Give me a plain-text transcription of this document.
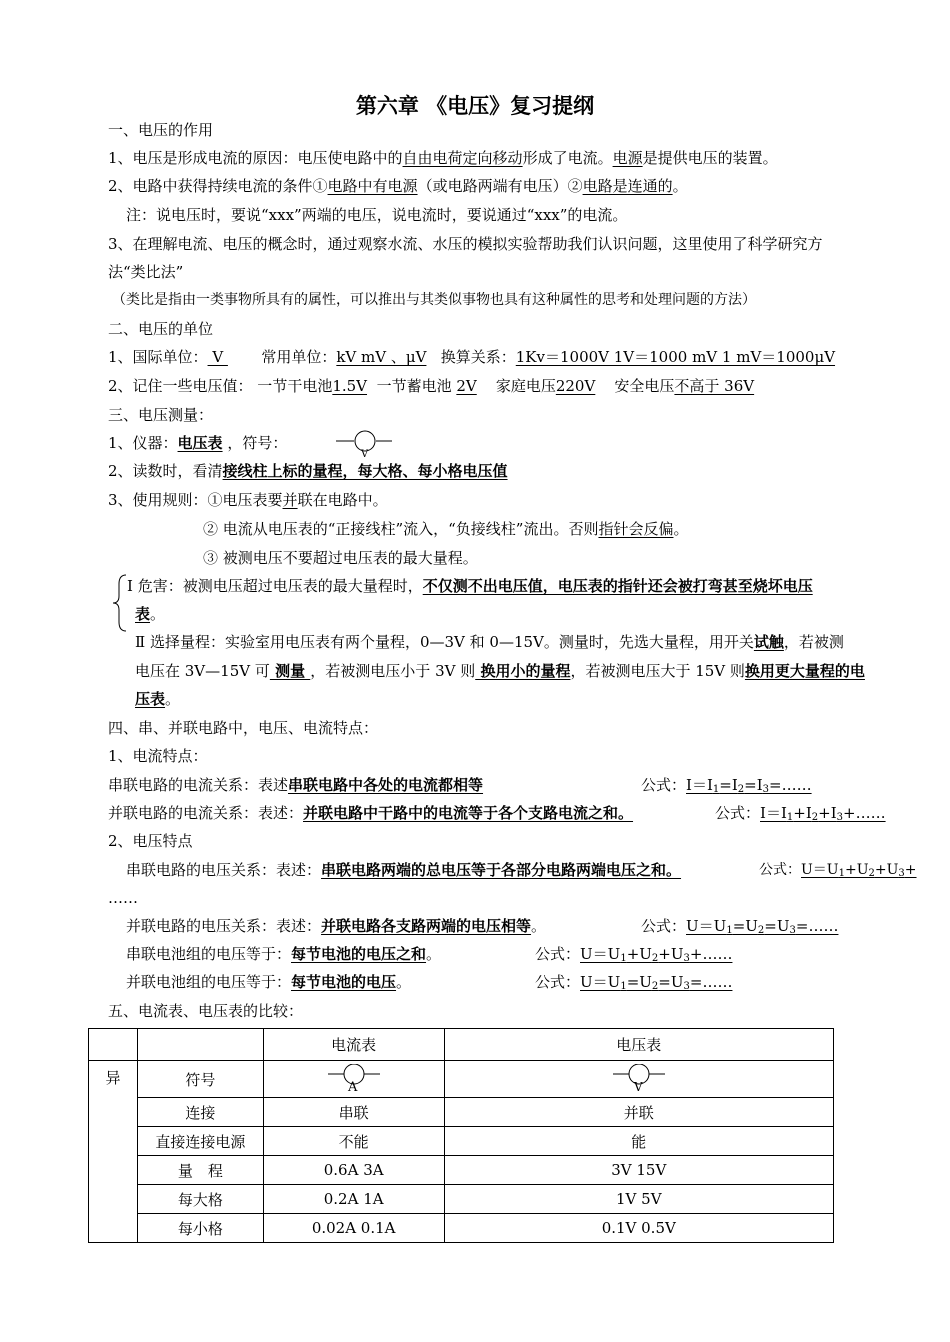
第六章 《电压》复习提纲
一、电压的作用
1、电压是形成电流的原因：电压使电路中的自由电荷定向移动形成了电流。电源是提供电压的装置。
2、电路中获得持续电流的条件①电路中有电源（或电路两端有电压）②电路是连通的。
注：说电压时，要说“xxx”两端的电压，说电流时，要说通过“xxx”的电流。
3、在理解电流、电压的概念时，通过观察水流、水压的模拟实验帮助我们认识问题，这里使用了科学研究方
法“类比法”
（类比是指由一类事物所具有的属性，可以推出与其类似事物也具有这种属性的思考和处理问题的方法）
二、电压的单位
1、国际单位： V        常用单位：kV mV 、μV 换算关系：1Kv＝1000V 1V＝1000 mV 1 mV＝1000μV
2、记住一些电压值： 一节干电池1.5V 一节蓄电池 2V 家庭电压220V 安全电压不高于 36V
三、电压测量：
1、仪器：电压表 ，符号：
V
2、读数时，看清接线柱上标的量程，每大格、每小格电压值
3、使用规则：①电压表要并联在电路中。
② 电流从电压表的“正接线柱”流入，“负接线柱”流出。否则指针会反偏。
③ 被测电压不要超过电压表的最大量程。
Ⅰ 危害：被测电压超过电压表的最大量程时，不仅测不出电压值，电压表的指针还会被打弯甚至烧坏电压
表。
Ⅱ 选择量程：实验室用电压表有两个量程，0—3V 和 0—15V。测量时，先选大量程，用开关试触，若被测
电压在 3V—15V 可 测量 ，若被测电压小于 3V 则 换用小的量程，若被测电压大于 15V 则换用更大量程的电
压表。
四、串、并联电路中，电压、电流特点：
1、电流特点：
串联电路的电流关系：表述串联电路中各处的电流都相等	公式：$I=I_1=I_2=I_3=\dots\dots$
并联电路的电流关系：表述：并联电路中干路中的电流等于各个支路电流之和。	公式：$I=I_1+I_2+I_3+\dots\dots$
2、电压特点
串联电路的电压关系：表述：串联电路两端的总电压等于各部分电路两端电压之和。	公式：$U=U_1+U_2+U_3+$
……
并联电路的电压关系：表述：并联电路各支路两端的电压相等。	公式：$U=U_1=U_2=U_3=\dots\dots$
串联电池组的电压等于：每节电池的电压之和。	公式：$U=U_1+U_2+U_3+\dots\dots$
并联电池组的电压等于：每节电池的电压。	公式：$U=U_1=U_2=U_3=\dots\dots$
五、电流表、电压表的比较：
		电流表	电压表
异	符号	A	V

	连接	串联	并联
	直接连接电源	不能	能
	量　程	0.6A 3A	3V 15V
	每大格	0.2A 1A	1V 5V
	每小格	0.02A 0.1A	0.1V 0.5V
